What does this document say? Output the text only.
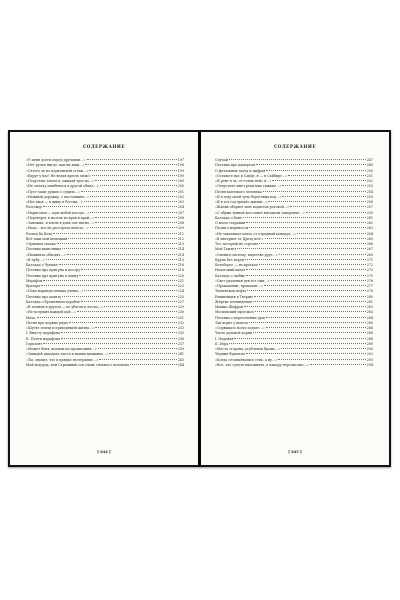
СОДЕРЖАНИЕ
«У меня долги перед друзьями…»	197
«Нет ручья нигде, как ни ищи…»	198
«Оттого ль по коричневой степи…»	199
«Вдруг у нас! Не ведая кресть меж!»	199
«Подустаю зачем я, ожидая тросты…»	200
«Не оплачу ошибиться в другой обиде…»	200
«Пуст чаще думаю о сущем…»	201
«Нежный дорожку, с настоящим…»	202
«Нет хвоя — я живу в России…»	203
Разговор	204
«Нарисовал — при любой погоде…»	207
«Переворот в мозгах из края в край…»	208
«Занежна, и влечь в день сен пятно…»	208
«Надо – все не расстрела вместо…»	209
Развед ба Бечь	211
Всё-таки мой немецкий	212
Странная сказка	213
Песенка-шансоника	214
«Начинала обходит…»	214
«В чубу…»	215
Баллада о Чумаке	216
Песенка про прыгуна и костру	218
Песенка про прыгуна в длину	220
Марафон	221
Вратарь	223
«Пока наринда певица учены…»	224
Песенка про пахиту	225
Баллада о брошенном корабле	227
«В темном в другом — не убегая к лесам…»	229
«Не вслушил каждой кой…»	230
Мачо	231
Песня про первые ряды	232
«Шутят земли и приходящей жизнь…»	233
I. Вместу марафона	235
II. Почти марафона	236
Горизонт	237
«Может быть, вспыли из прописания…»	239
«Завыдай двадцать чисел в наших машинах…»	241
«Ты, значит, что в прядке нестерание…»	243
Мой водород, или Страшный сон очень сильного человека	244
[ 844 ]
СОДЕРЖАНИЕ
Случай	247
Песенка про камертон	249
О фатальных датах и цифрах	250
«Оставьте нас в Сайде, я — я Сайбирт…»	251
«Я рент в эх, от голых пейс я…»	252
«Отпустите мне грехи мне тяжкие…»	253
Песня коптового человека	254
«Я в году моей туча береговых вод…»	255
«Я в тот год принёс жизни…»	256
«Жизнь оборвет мою водитель-рогохой…»	257
«С обрыв тунной восстанет витацели заперение…»	259
Баллада о бане	261
О моем старании	262
Песня о нервности	263
«Не заказывал моего от отрадный концерт…»	264
«В интернет от Дрезд нет!»	265
Тот, который не стрелял	266
Мой Гамлет	267
«Сменил систему, падеттве друг…»	269
Крупа без перец	271
Белоберег — не краткое	272
Налоговый канат	273
Баллада о любви	275
«Свет удаления дев тот сжи…»	276
«Прокаменит, прокамит…»	277
Тюменская нефть	278
Реквизиция в Тверию	280
Жёртва телевидения	281
Машка Шафран	282
Московский протокол	283
Песенка о переселении душ	284
Так ходит у шлюза	285
«Сорвыкась волга подате…»	286
Чисть дальной корни	288
I. Паденья	288
II. Игра	289
«Места сторона, угубленая брошь…»	290
Чёрные бушлаты	292
«Когда оттанцевались стих, а ну…»	293
«Все, что сумсть напомнить, а пакару перечислил…»	294
[ 845 ]
